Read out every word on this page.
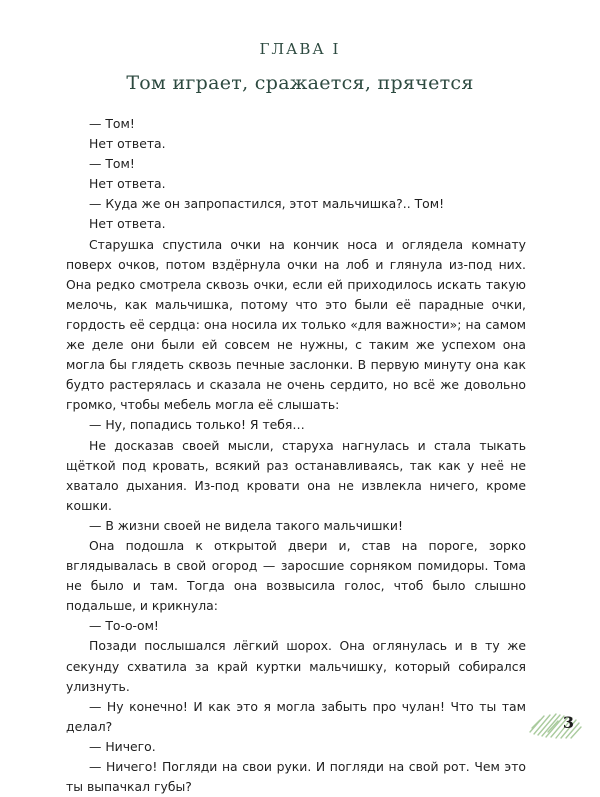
ГЛАВА I
Том играет, сражается, прячется

— Том!

Нет ответа.

— Том!

Нет ответа.

— Куда же он запропастился, этот мальчишка?.. Том!

Нет ответа.

Старушка спустила очки на кончик носа и оглядела комнату поверх очков, потом вздёрнула очки на лоб и глянула из-под них. Она редко смотрела сквозь очки, если ей приходилось искать такую мелочь, как мальчишка, потому что это были её парадные очки, гордость её сердца: она носила их только «для важности»; на самом же деле они были ей совсем не нужны, с таким же успехом она могла бы глядеть сквозь печные заслонки. В первую минуту она как будто растерялась и сказала не очень сердито, но всё же довольно громко, чтобы мебель могла её слышать:

— Ну, попадись только! Я тебя…

Не досказав своей мысли, старуха нагнулась и стала тыкать щёткой под кровать, всякий раз останавливаясь, так как у неё не хватало дыхания. Из-под кровати она не извлекла ничего, кроме кошки.

— В жизни своей не видела такого мальчишки!

Она подошла к открытой двери и, став на пороге, зорко вглядывалась в свой огород — заросшие сорняком помидоры. Тома не было и там. Тогда она возвысила голос, чтоб было слышно подальше, и крикнула:

— То-о-ом!

Позади послышался лёгкий шорох. Она оглянулась и в ту же секунду схватила за край куртки мальчишку, который собирался улизнуть.

— Ну конечно! И как это я могла забыть про чулан! Что ты там делал?

— Ничего.

— Ничего! Погляди на свои руки. И погляди на свой рот. Чем это ты выпачкал губы?

3
